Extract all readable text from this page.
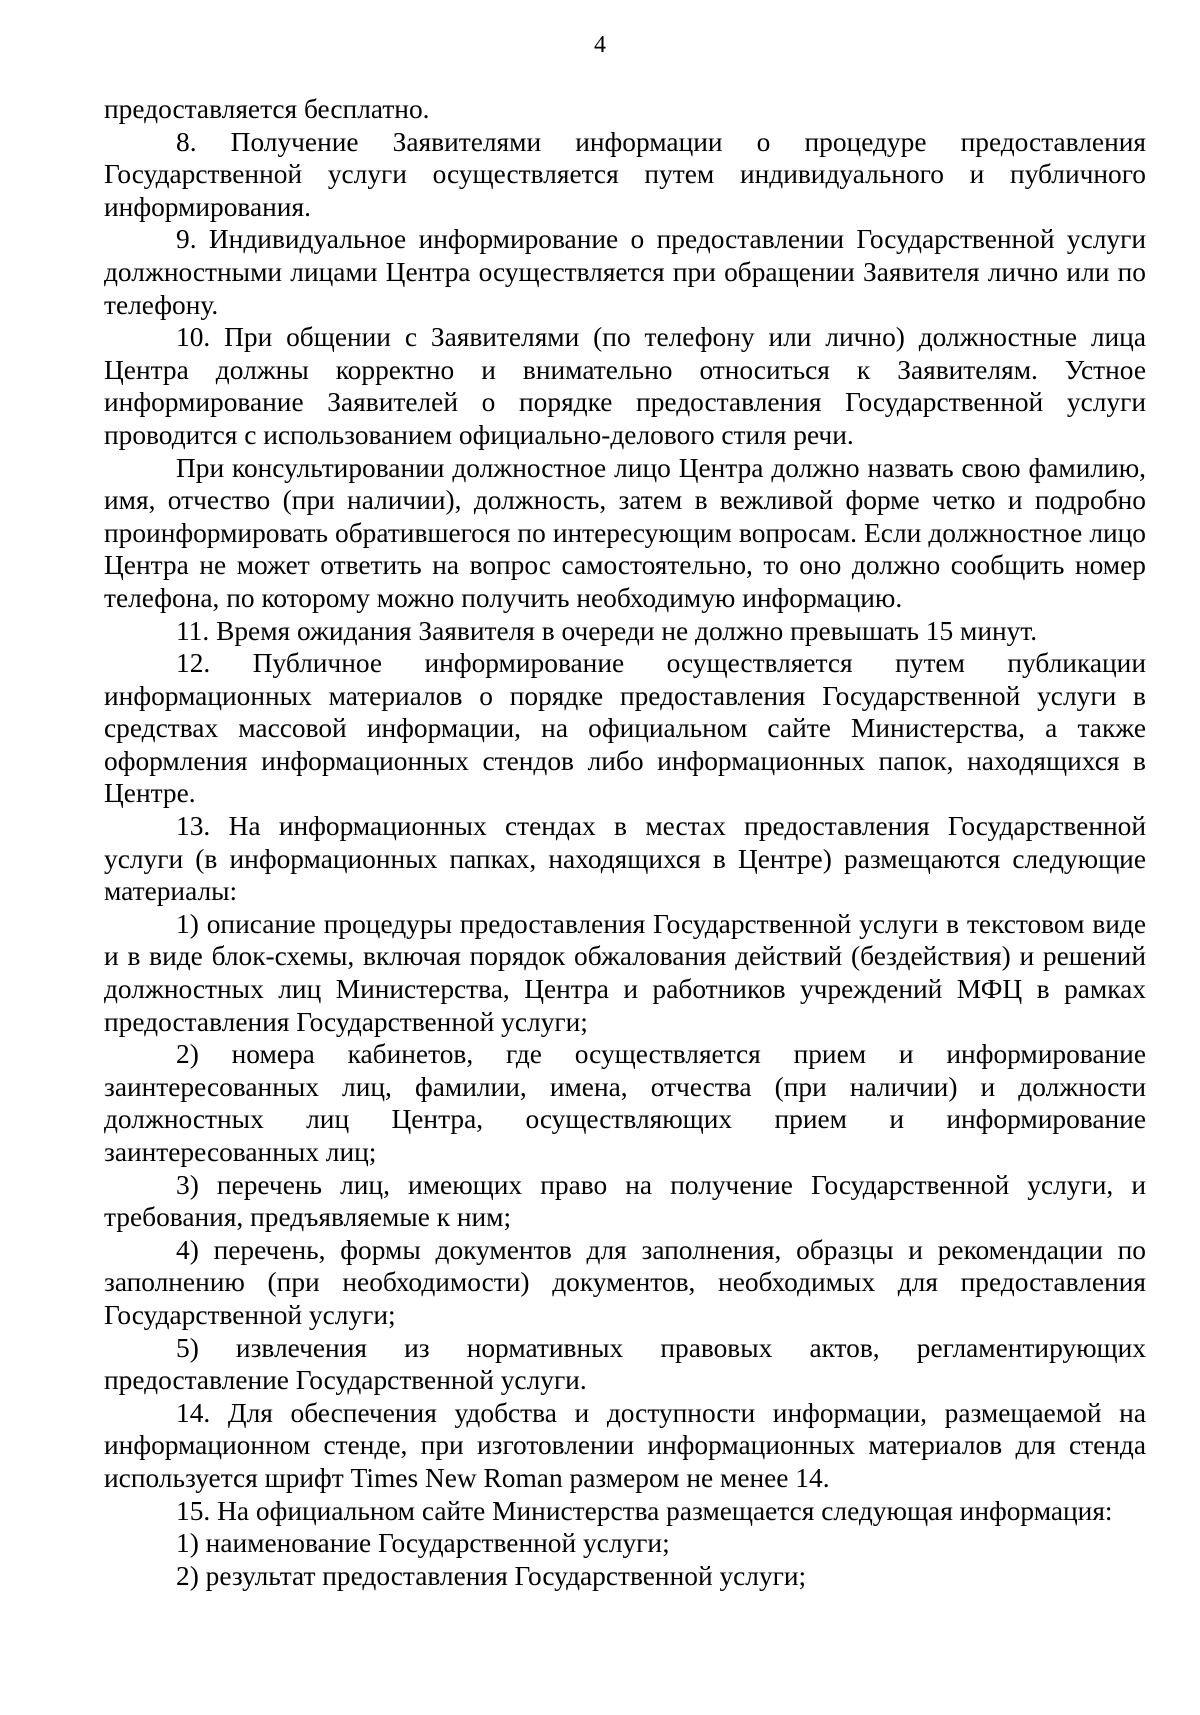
4

предоставляется бесплатно.

8. Получение Заявителями информации о процедуре предоставления Государственной услуги осуществляется путем индивидуального и публичного информирования.

9. Индивидуальное информирование о предоставлении Государственной услуги должностными лицами Центра осуществляется при обращении Заявителя лично или по телефону.

10. При общении с Заявителями (по телефону или лично) должностные лица Центра должны корректно и внимательно относиться к Заявителям. Устное информирование Заявителей о порядке предоставления Государственной услуги проводится с использованием официально-делового стиля речи.

При консультировании должностное лицо Центра должно назвать свою фамилию, имя, отчество (при наличии), должность, затем в вежливой форме четко и подробно проинформировать обратившегося по интересующим вопросам. Если должностное лицо Центра не может ответить на вопрос самостоятельно, то оно должно сообщить номер телефона, по которому можно получить необходимую информацию.

11. Время ожидания Заявителя в очереди не должно превышать 15 минут.

12. Публичное информирование осуществляется путем публикации информационных материалов о порядке предоставления Государственной услуги в средствах массовой информации, на официальном сайте Министерства, а также оформления информационных стендов либо информационных папок, находящихся в Центре.

13. На информационных стендах в местах предоставления Государственной услуги (в информационных папках, находящихся в Центре) размещаются следующие материалы:

1) описание процедуры предоставления Государственной услуги в текстовом виде и в виде блок-схемы, включая порядок обжалования действий (бездействия) и решений должностных лиц Министерства, Центра и работников учреждений МФЦ в рамках предоставления Государственной услуги;

2) номера кабинетов, где осуществляется прием и информирование заинтересованных лиц, фамилии, имена, отчества (при наличии) и должности должностных лиц Центра, осуществляющих прием и информирование заинтересованных лиц;

3) перечень лиц, имеющих право на получение Государственной услуги, и требования, предъявляемые к ним;

4) перечень, формы документов для заполнения, образцы и рекомендации по заполнению (при необходимости) документов, необходимых для предоставления Государственной услуги;

5) извлечения из нормативных правовых актов, регламентирующих предоставление Государственной услуги.

14. Для обеспечения удобства и доступности информации, размещаемой на информационном стенде, при изготовлении информационных материалов для стенда используется шрифт Times New Roman размером не менее 14.

15. На официальном сайте Министерства размещается следующая информация:

1) наименование Государственной услуги;

2) результат предоставления Государственной услуги;
